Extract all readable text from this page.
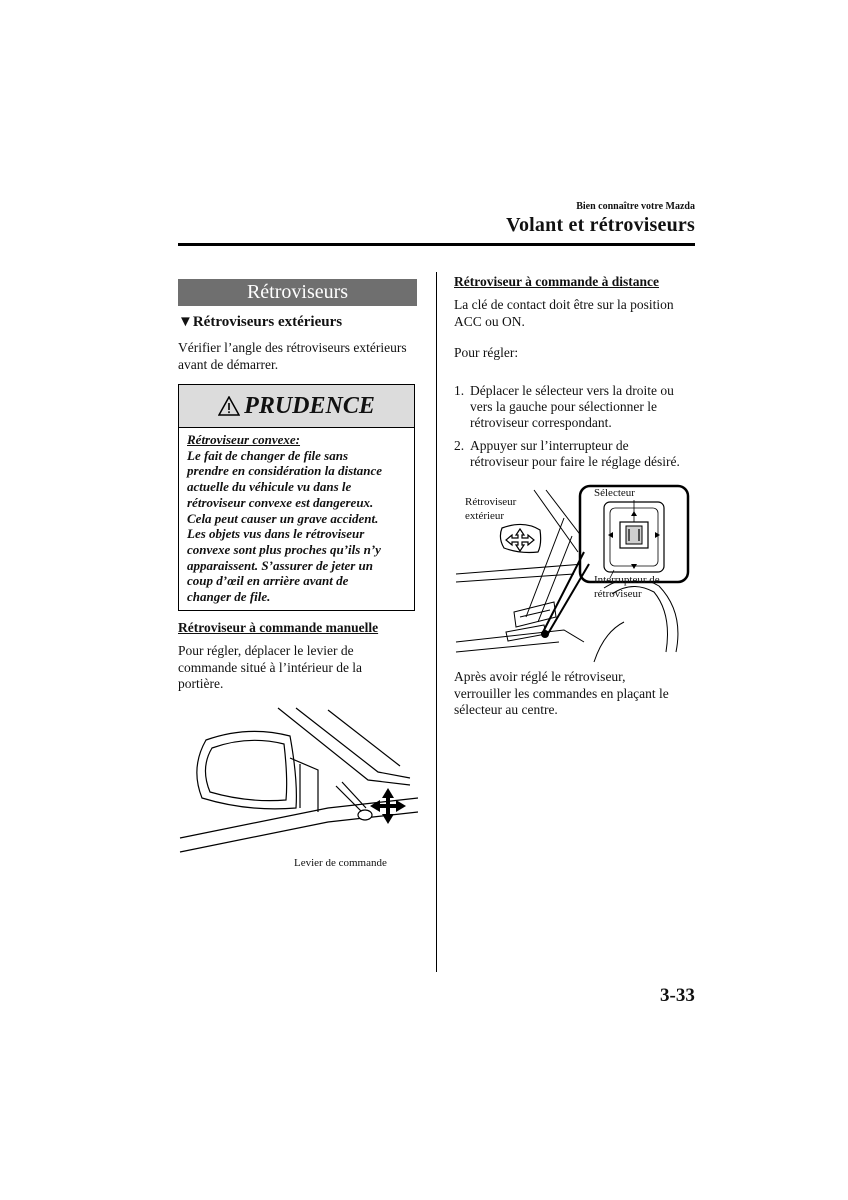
Bien connaître votre Mazda
Volant et rétroviseurs
Rétroviseurs
▼Rétroviseurs extérieurs
Vérifier l’angle des rétroviseurs extérieurs
avant de démarrer.
PRUDENCE
Rétroviseur convexe:
Le fait de changer de file sans
prendre en considération la distance
actuelle du véhicule vu dans le
rétroviseur convexe est dangereux.
Cela peut causer un grave accident.
Les objets vus dans le rétroviseur
convexe sont plus proches qu’ils n’y
apparaissent. S’assurer de jeter un
coup d’œil en arrière avant de
changer de file.
Rétroviseur à commande manuelle
Pour régler, déplacer le levier de
commande situé à l’intérieur de la
portière.
Levier de commande
Rétroviseur à commande à distance
La clé de contact doit être sur la position
ACC ou ON.
Pour régler:
1. Déplacer le sélecteur vers la droite ou
vers la gauche pour sélectionner le
rétroviseur correspondant.
2. Appuyer sur l’interrupteur de
rétroviseur pour faire le réglage désiré.
Rétroviseur
extérieur
Sélecteur
Interrupteur de
rétroviseur
Après avoir réglé le rétroviseur,
verrouiller les commandes en plaçant le
sélecteur au centre.
3-33
